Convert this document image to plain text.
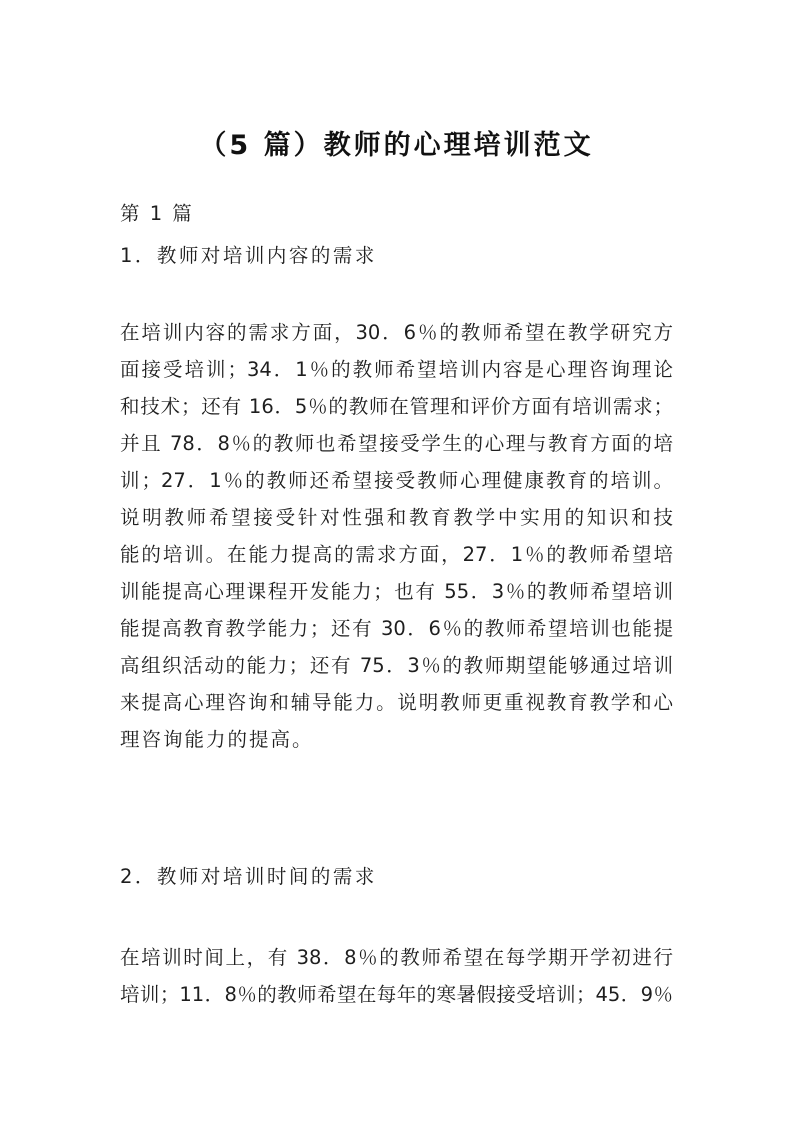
（5 篇）教师的心理培训范文
第 1 篇
1．教师对培训内容的需求
在培训内容的需求方面，30．6％的教师希望在教学研究方
面接受培训；34．1％的教师希望培训内容是心理咨询理论
和技术；还有 16．5％的教师在管理和评价方面有培训需求；
并且 78．8％的教师也希望接受学生的心理与教育方面的培
训；27．1％的教师还希望接受教师心理健康教育的培训。
说明教师希望接受针对性强和教育教学中实用的知识和技
能的培训。在能力提高的需求方面，27．1％的教师希望培
训能提高心理课程开发能力；也有 55．3％的教师希望培训
能提高教育教学能力；还有 30．6％的教师希望培训也能提
高组织活动的能力；还有 75．3％的教师期望能够通过培训
来提高心理咨询和辅导能力。说明教师更重视教育教学和心
理咨询能力的提高。
2．教师对培训时间的需求
在培训时间上，有 38．8％的教师希望在每学期开学初进行
培训；11．8％的教师希望在每年的寒暑假接受培训；45．9％
